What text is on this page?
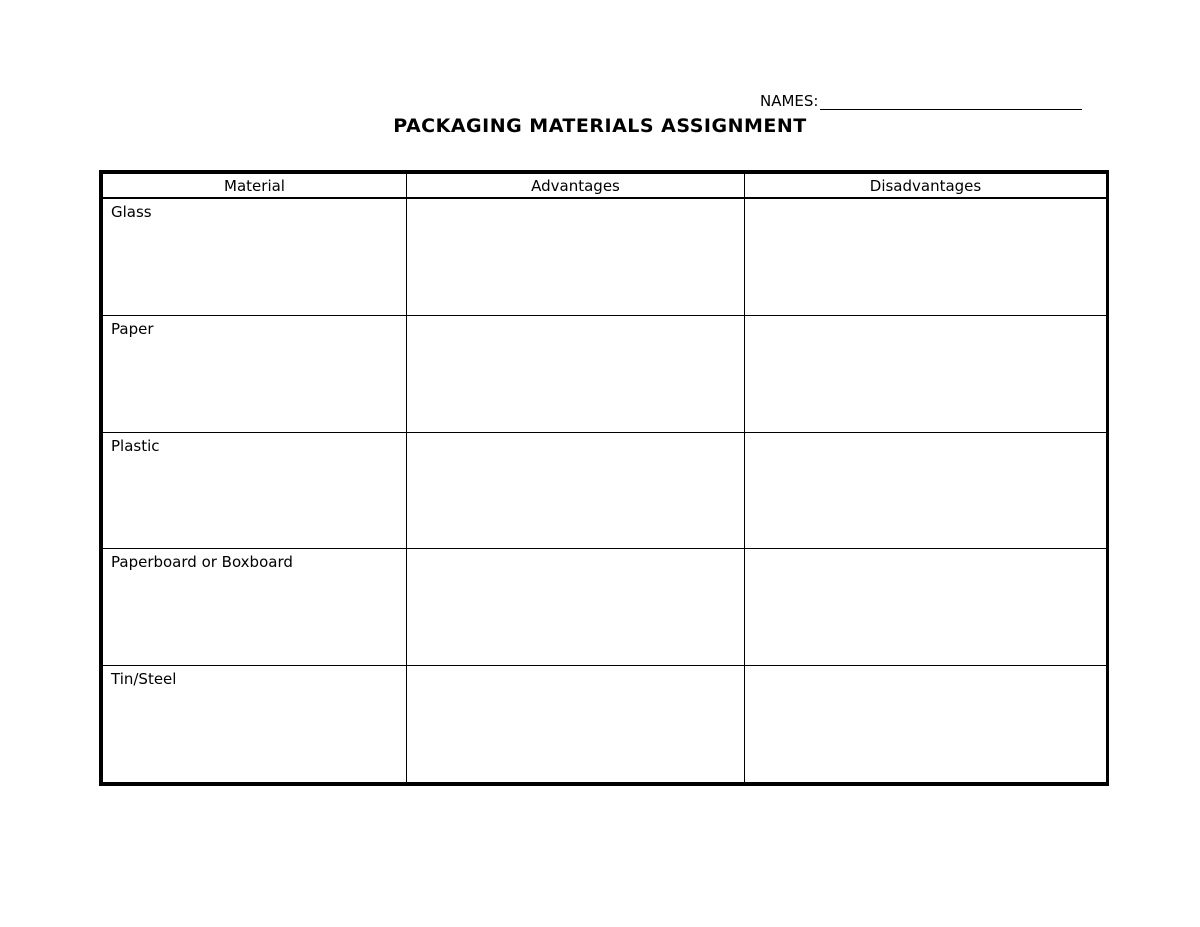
NAMES:
PACKAGING MATERIALS ASSIGNMENT
Material	Advantages	Disadvantages

Glass		

Paper		

Plastic		

Paperboard or Boxboard		

Tin/Steel		
